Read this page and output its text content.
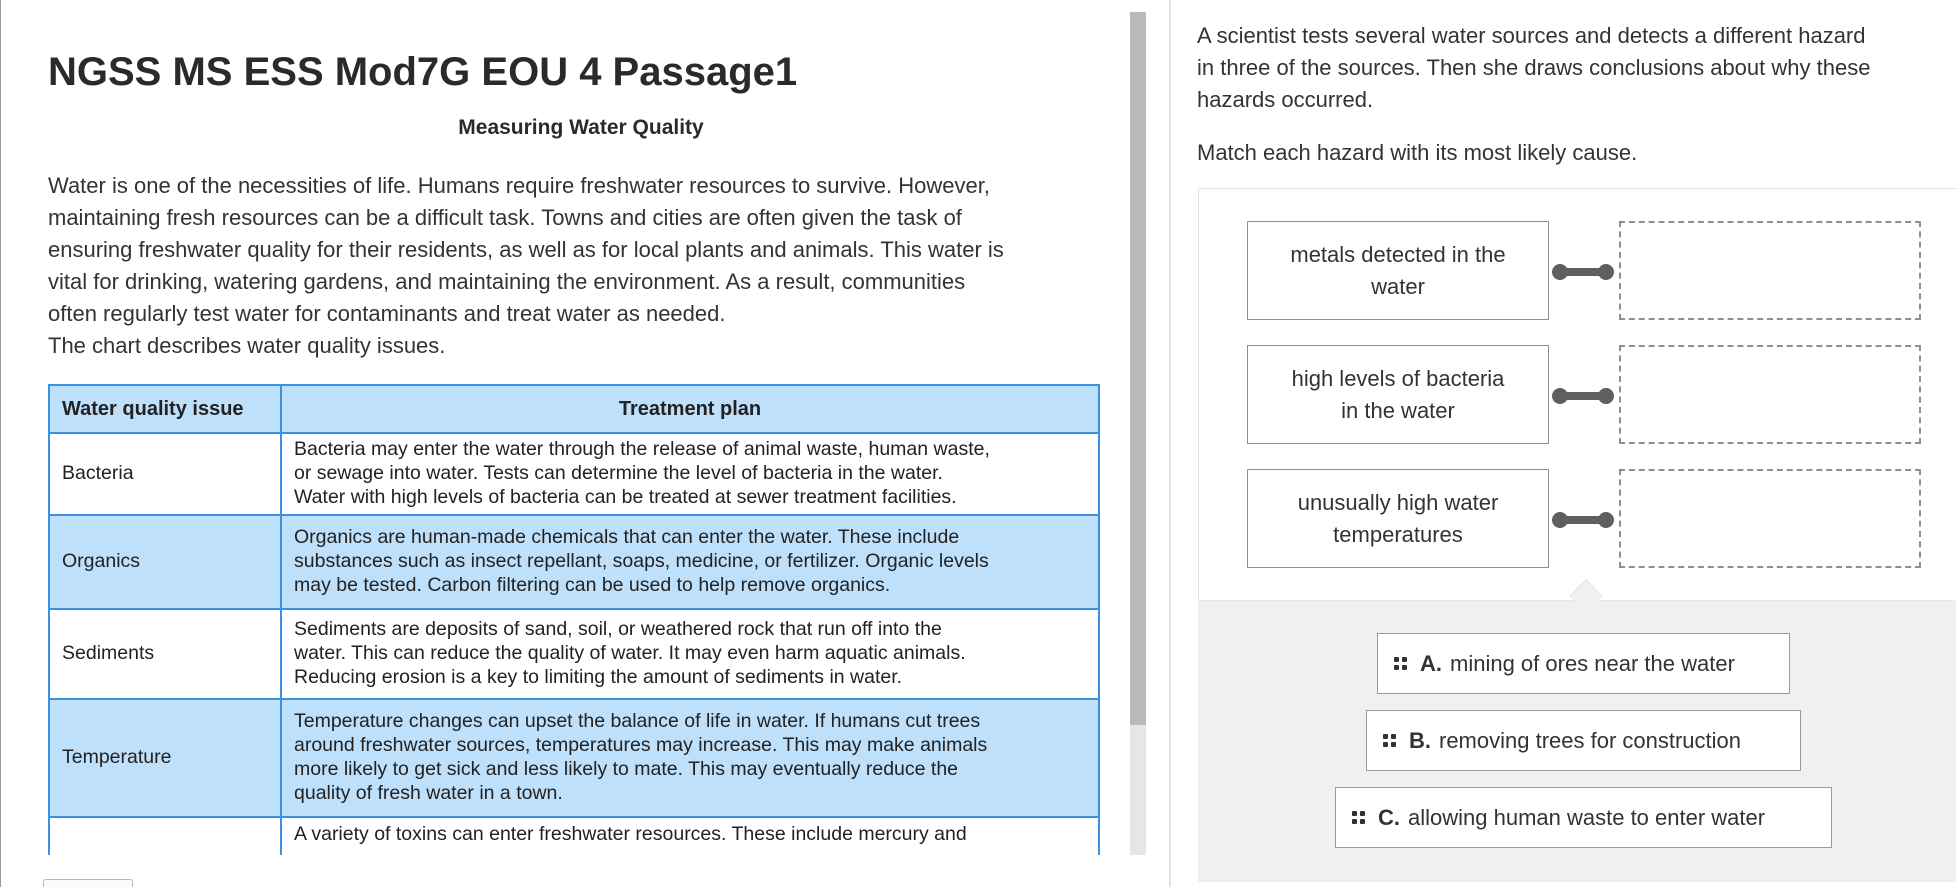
NGSS MS ESS Mod7G EOU 4 Passage1
Measuring Water Quality
Water is one of the necessities of life. Humans require freshwater resources to survive. However,
maintaining fresh resources can be a difficult task. Towns and cities are often given the task of
ensuring freshwater quality for their residents, as well as for local plants and animals. This water is
vital for drinking, watering gardens, and maintaining the environment. As a result, communities
often regularly test water for contaminants and treat water as needed.
The chart describes water quality issues.
Water quality issue	Treatment plan
Bacteria	Bacteria may enter the water through the release of animal waste, human waste,
or sewage into water. Tests can determine the level of bacteria in the water.
Water with high levels of bacteria can be treated at sewer treatment facilities.

Organics	Organics are human-made chemicals that can enter the water. These include
substances such as insect repellant, soaps, medicine, or fertilizer. Organic levels
may be tested. Carbon filtering can be used to help remove organics.

Sediments	Sediments are deposits of sand, soil, or weathered rock that run off into the
water. This can reduce the quality of water. It may even harm aquatic animals.
Reducing erosion is a key to limiting the amount of sediments in water.

Temperature	Temperature changes can upset the balance of life in water. If humans cut trees
around freshwater sources, temperatures may increase. This may make animals
more likely to get sick and less likely to mate. This may eventually reduce the
quality of fresh water in a town.

	A variety of toxins can enter freshwater resources. These include mercury and
A scientist tests several water sources and detects a different hazard
in three of the sources. Then she draws conclusions about why these
hazards occurred.
Match each hazard with its most likely cause.
metals detected in the
water
high levels of bacteria
in the water
unusually high water
temperatures
A. mining of ores near the water
B. removing trees for construction
C. allowing human waste to enter water
